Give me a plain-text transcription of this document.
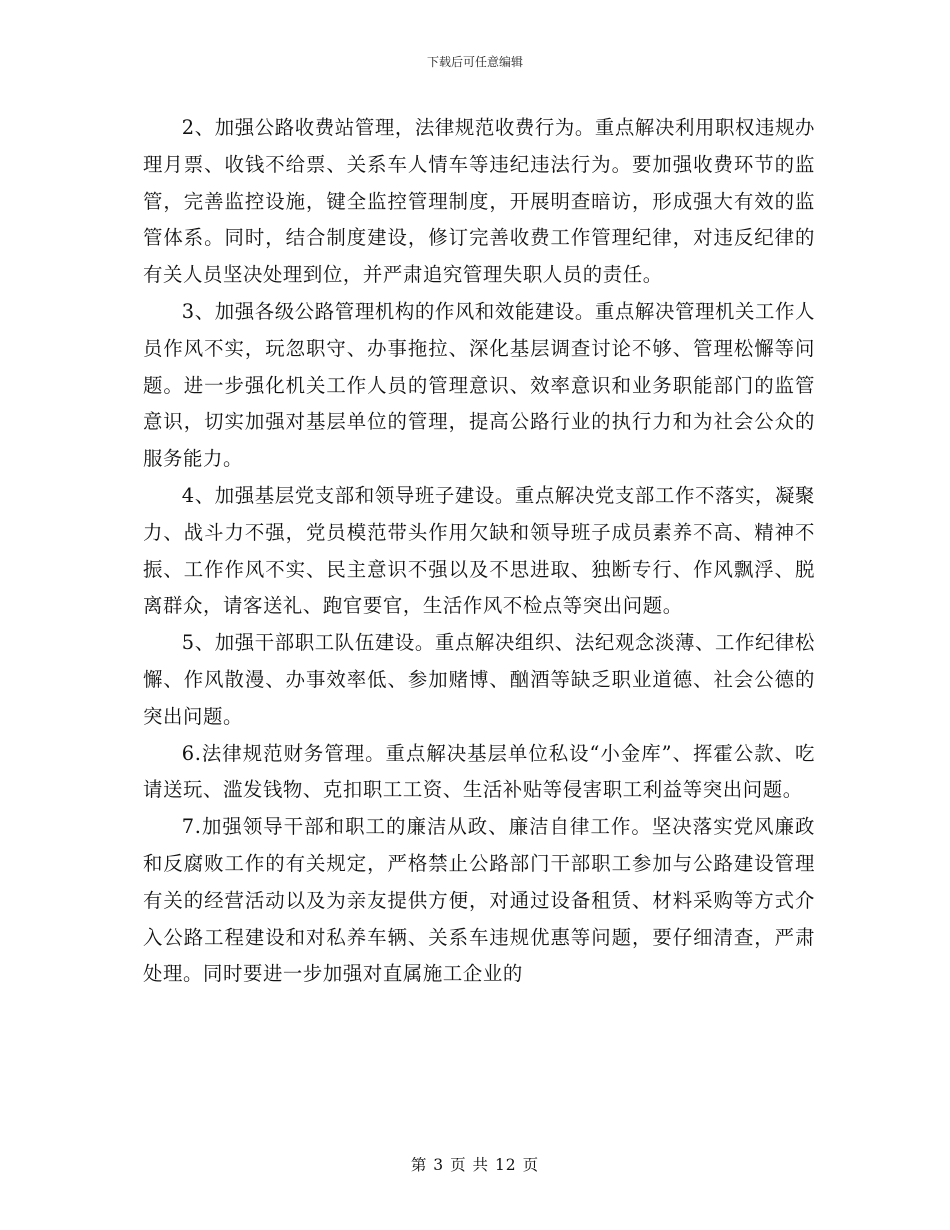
下载后可任意编辑

2、加强公路收费站管理，法律规范收费行为。重点解决利用职权违规办理月票、收钱不给票、关系车人情车等违纪违法行为。要加强收费环节的监管，完善监控设施，键全监控管理制度，开展明查暗访，形成强大有效的监管体系。同时，结合制度建设，修订完善收费工作管理纪律，对违反纪律的有关人员坚决处理到位，并严肃追究管理失职人员的责任。

3、加强各级公路管理机构的作风和效能建设。重点解决管理机关工作人员作风不实，玩忽职守、办事拖拉、深化基层调查讨论不够、管理松懈等问题。进一步强化机关工作人员的管理意识、效率意识和业务职能部门的监管意识，切实加强对基层单位的管理，提高公路行业的执行力和为社会公众的服务能力。

4、加强基层党支部和领导班子建设。重点解决党支部工作不落实，凝聚力、战斗力不强，党员模范带头作用欠缺和领导班子成员素养不高、精神不振、工作作风不实、民主意识不强以及不思进取、独断专行、作风飘浮、脱离群众，请客送礼、跑官要官，生活作风不检点等突出问题。

5、加强干部职工队伍建设。重点解决组织、法纪观念淡薄、工作纪律松懈、作风散漫、办事效率低、参加赌博、酗酒等缺乏职业道德、社会公德的突出问题。

6.法律规范财务管理。重点解决基层单位私设“小金库”、挥霍公款、吃请送玩、滥发钱物、克扣职工工资、生活补贴等侵害职工利益等突出问题。

7.加强领导干部和职工的廉洁从政、廉洁自律工作。坚决落实党风廉政和反腐败工作的有关规定，严格禁止公路部门干部职工参加与公路建设管理有关的经营活动以及为亲友提供方便，对通过设备租赁、材料采购等方式介入公路工程建设和对私养车辆、关系车违规优惠等问题，要仔细清查，严肃处理。同时要进一步加强对直属施工企业的

第 3 页 共 12 页
